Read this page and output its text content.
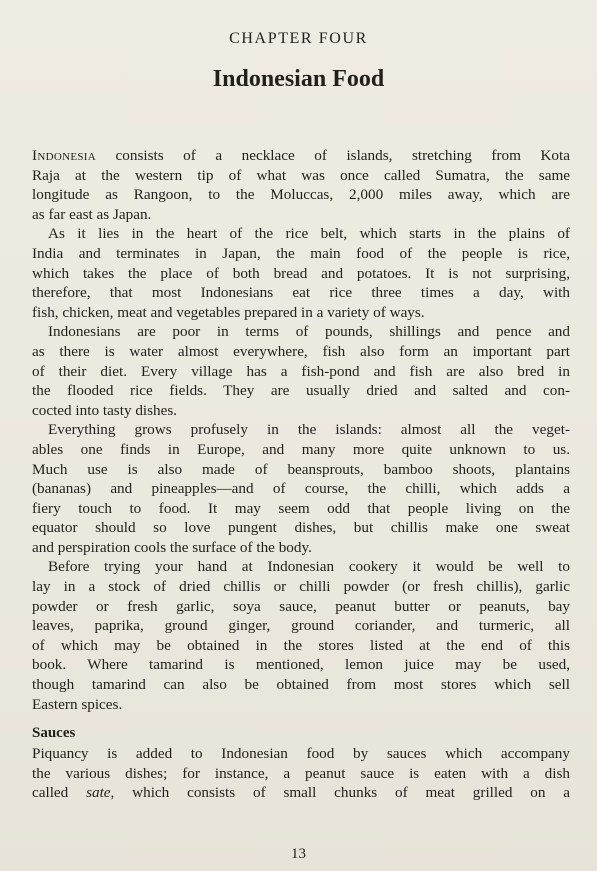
CHAPTER FOUR
Indonesian Food
Indonesia consists of a necklace of islands, stretching from Kota
Raja at the western tip of what was once called Sumatra, the same
longitude as Rangoon, to the Moluccas, 2,000 miles away, which are
as far east as Japan.
As it lies in the heart of the rice belt, which starts in the plains of
India and terminates in Japan, the main food of the people is rice,
which takes the place of both bread and potatoes. It is not surprising,
therefore, that most Indonesians eat rice three times a day, with
fish, chicken, meat and vegetables prepared in a variety of ways.
Indonesians are poor in terms of pounds, shillings and pence and
as there is water almost everywhere, fish also form an important part
of their diet. Every village has a fish-pond and fish are also bred in
the flooded rice fields. They are usually dried and salted and con-
cocted into tasty dishes.
Everything grows profusely in the islands: almost all the veget-
ables one finds in Europe, and many more quite unknown to us.
Much use is also made of beansprouts, bamboo shoots, plantains
(bananas) and pineapples—and of course, the chilli, which adds a
fiery touch to food. It may seem odd that people living on the
equator should so love pungent dishes, but chillis make one sweat
and perspiration cools the surface of the body.
Before trying your hand at Indonesian cookery it would be well to
lay in a stock of dried chillis or chilli powder (or fresh chillis), garlic
powder or fresh garlic, soya sauce, peanut butter or peanuts, bay
leaves, paprika, ground ginger, ground coriander, and turmeric, all
of which may be obtained in the stores listed at the end of this
book. Where tamarind is mentioned, lemon juice may be used,
though tamarind can also be obtained from most stores which sell
Eastern spices.
Sauces
Piquancy is added to Indonesian food by sauces which accompany
the various dishes; for instance, a peanut sauce is eaten with a dish
called sate, which consists of small chunks of meat grilled on a
13
